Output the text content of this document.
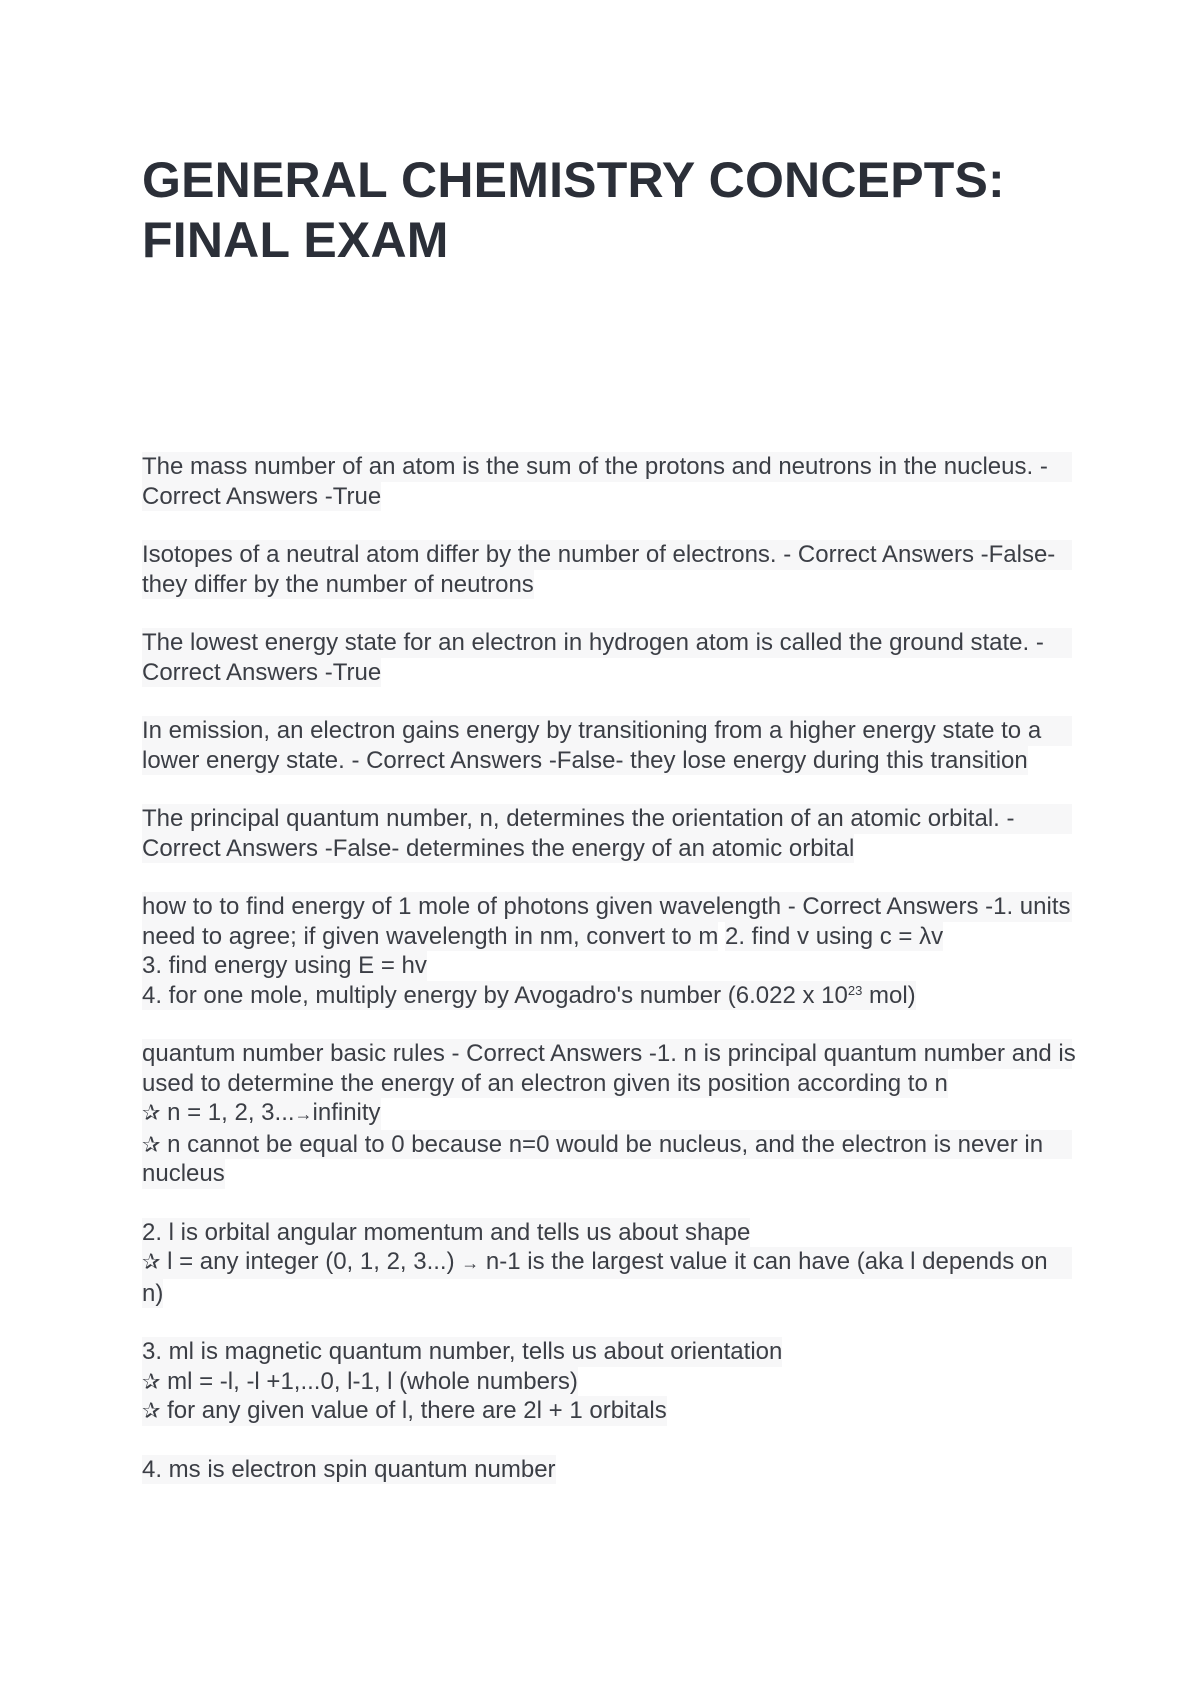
GENERAL CHEMISTRY CONCEPTS:
FINAL EXAM
The mass number of an atom is the sum of the protons and neutrons in the nucleus. -
Correct Answers -True
Isotopes of a neutral atom differ by the number of electrons. - Correct Answers -False-
they differ by the number of neutrons
The lowest energy state for an electron in hydrogen atom is called the ground state. -
Correct Answers -True
In emission, an electron gains energy by transitioning from a higher energy state to a
lower energy state. - Correct Answers -False- they lose energy during this transition
The principal quantum number, n, determines the orientation of an atomic orbital. -
Correct Answers -False- determines the energy of an atomic orbital
how to to find energy of 1 mole of photons given wavelength - Correct Answers -1. units
need to agree; if given wavelength in nm, convert to m 2. find v using c = λv 3. find energy using E = hv 4. for one mole, multiply energy by Avogadro's number (6.022 x $10^{23}$ mol)
quantum number basic rules - Correct Answers -1. n is principal quantum number and is
used to determine the energy of an electron given its position according to n ✰ n = 1, 2, 3...→infinity
✰ n cannot be equal to 0 because n=0 would be nucleus, and the electron is never in
nucleus
2. l is orbital angular momentum and tells us about shape
✰ l = any integer (0, 1, 2, 3...) → n-1 is the largest value it can have (aka l depends on
n)
3. ml is magnetic quantum number, tells us about orientation ✰ ml = -l, -l +1,...0, l-1, l (whole numbers) ✰ for any given value of l, there are 2l + 1 orbitals
4. ms is electron spin quantum number
